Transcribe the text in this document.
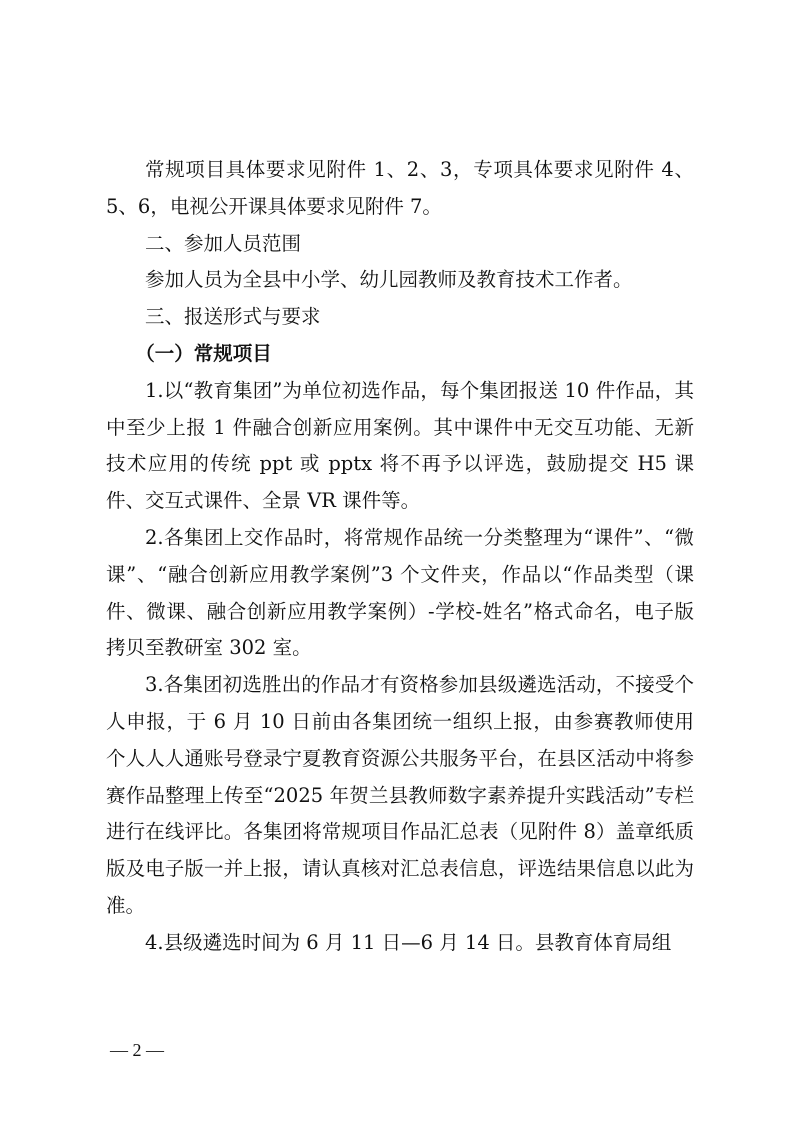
常规项目具体要求见附件 1、2、3，专项具体要求见附件 4、5、6，电视公开课具体要求见附件 7。

二、参加人员范围

参加人员为全县中小学、幼儿园教师及教育技术工作者。

三、报送形式与要求

（一）常规项目

1.以“教育集团”为单位初选作品，每个集团报送 10 件作品，其中至少上报 1 件融合创新应用案例。其中课件中无交互功能、无新技术应用的传统 ppt 或 pptx 将不再予以评选，鼓励提交 H5 课件、交互式课件、全景 VR 课件等。

2.各集团上交作品时，将常规作品统一分类整理为“课件”、“微课”、“融合创新应用教学案例”3 个文件夹，作品以“作品类型（课件、微课、融合创新应用教学案例）-学校-姓名”格式命名，电子版拷贝至教研室 302 室。

3.各集团初选胜出的作品才有资格参加县级遴选活动，不接受个人申报，于 6 月 10 日前由各集团统一组织上报，由参赛教师使用个人人人通账号登录宁夏教育资源公共服务平台，在县区活动中将参赛作品整理上传至“2025 年贺兰县教师数字素养提升实践活动”专栏进行在线评比。各集团将常规项目作品汇总表（见附件 8）盖章纸质版及电子版一并上报，请认真核对汇总表信息，评选结果信息以此为准。

4.县级遴选时间为 6 月 11 日—6 月 14 日。县教育体育局组

— 2 —
